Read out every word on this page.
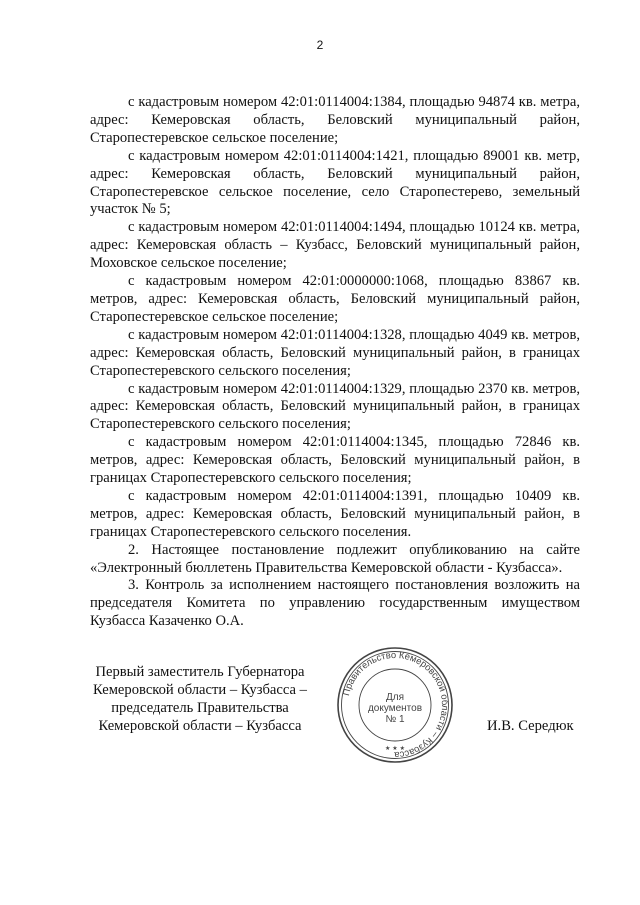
2

с кадастровым номером 42:01:0114004:1384, площадью 94874 кв. метра, адрес: Кемеровская область, Беловский муниципальный район, Старопестеревское сельское поселение;

с кадастровым номером 42:01:0114004:1421, площадью 89001 кв. метр, адрес: Кемеровская область, Беловский муниципальный район, Старопестеревское сельское поселение, село Старопестерево, земельный участок № 5;

с кадастровым номером 42:01:0114004:1494, площадью 10124 кв. метра, адрес: Кемеровская область – Кузбасс, Беловский муниципальный район, Моховское сельское поселение;

с кадастровым номером 42:01:0000000:1068, площадью 83867 кв. метров, адрес: Кемеровская область, Беловский муниципальный район, Старопестеревское сельское поселение;

с кадастровым номером 42:01:0114004:1328, площадью 4049 кв. метров, адрес: Кемеровская область, Беловский муниципальный район, в границах Старопестеревского сельского поселения;

с кадастровым номером 42:01:0114004:1329, площадью 2370 кв. метров, адрес: Кемеровская область, Беловский муниципальный район, в границах Старопестеревского сельского поселения;

с кадастровым номером 42:01:0114004:1345, площадью 72846 кв. метров, адрес: Кемеровская область, Беловский муниципальный район, в границах Старопестеревского сельского поселения;

с кадастровым номером 42:01:0114004:1391, площадью 10409 кв. метров, адрес: Кемеровская область, Беловский муниципальный район, в границах Старопестеревского сельского поселения.

2. Настоящее постановление подлежит опубликованию на сайте «Электронный бюллетень Правительства Кемеровской области - Кузбасса».

3. Контроль за исполнением настоящего постановления возложить на председателя Комитета по управлению государственным имуществом Кузбасса Казаченко О.А.

Первый заместитель Губернатора
Кемеровской области – Кузбасса –
председатель Правительства
Кемеровской области – Кузбасса
Правительство Кемеровской области – Кузбасса
★ ★ ★
Для
документов
№ 1	И.В. Середюк
